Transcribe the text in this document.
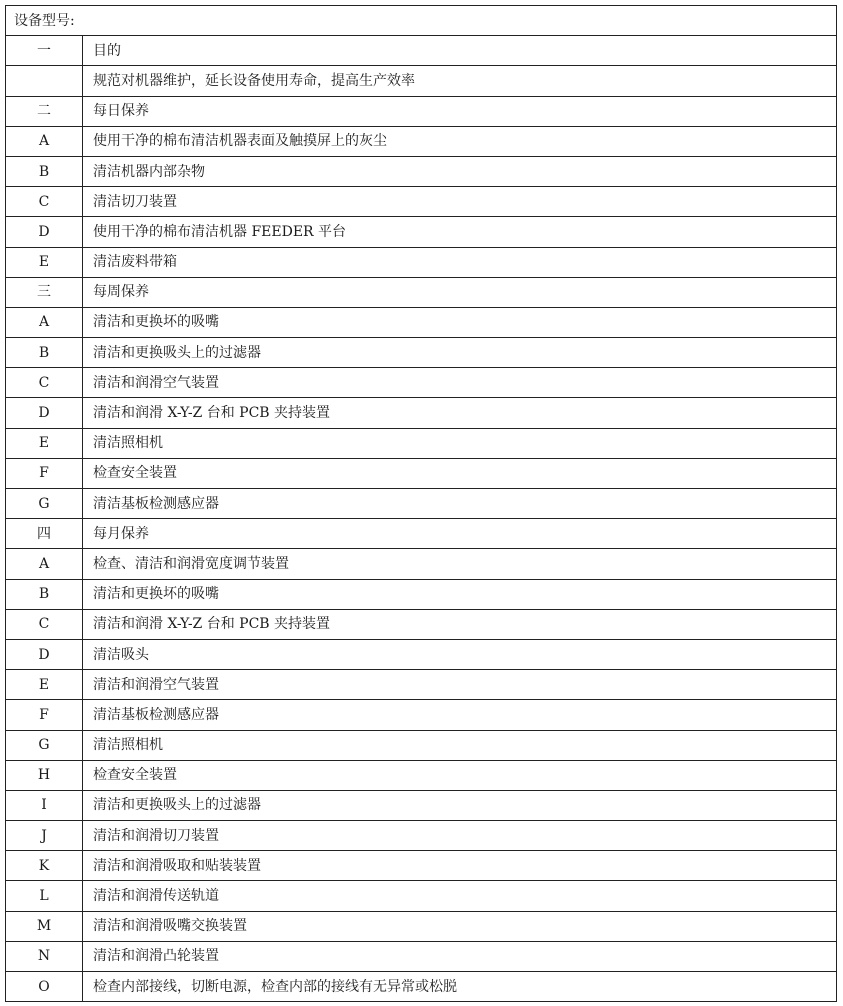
设备型号:	
一	目的
	规范对机器维护，延长设备使用寿命，提高生产效率
二	每日保养
A	使用干净的棉布清洁机器表面及触摸屏上的灰尘
B	清洁机器内部杂物
C	清洁切刀装置
D	使用干净的棉布清洁机器 FEEDER 平台
E	清洁废料带箱
三	每周保养
A	清洁和更换坏的吸嘴
B	清洁和更换吸头上的过滤器
C	清洁和润滑空气装置
D	清洁和润滑 X-Y-Z 台和 PCB 夹持装置
E	清洁照相机
F	检查安全装置
G	清洁基板检测感应器
四	每月保养
A	检查、清洁和润滑宽度调节装置
B	清洁和更换坏的吸嘴
C	清洁和润滑 X-Y-Z 台和 PCB 夹持装置
D	清洁吸头
E	清洁和润滑空气装置
F	清洁基板检测感应器
G	清洁照相机
H	检查安全装置
I	清洁和更换吸头上的过滤器
J	清洁和润滑切刀装置
K	清洁和润滑吸取和贴装装置
L	清洁和润滑传送轨道
M	清洁和润滑吸嘴交换装置
N	清洁和润滑凸轮装置
O	检查内部接线，切断电源，检查内部的接线有无异常或松脱
